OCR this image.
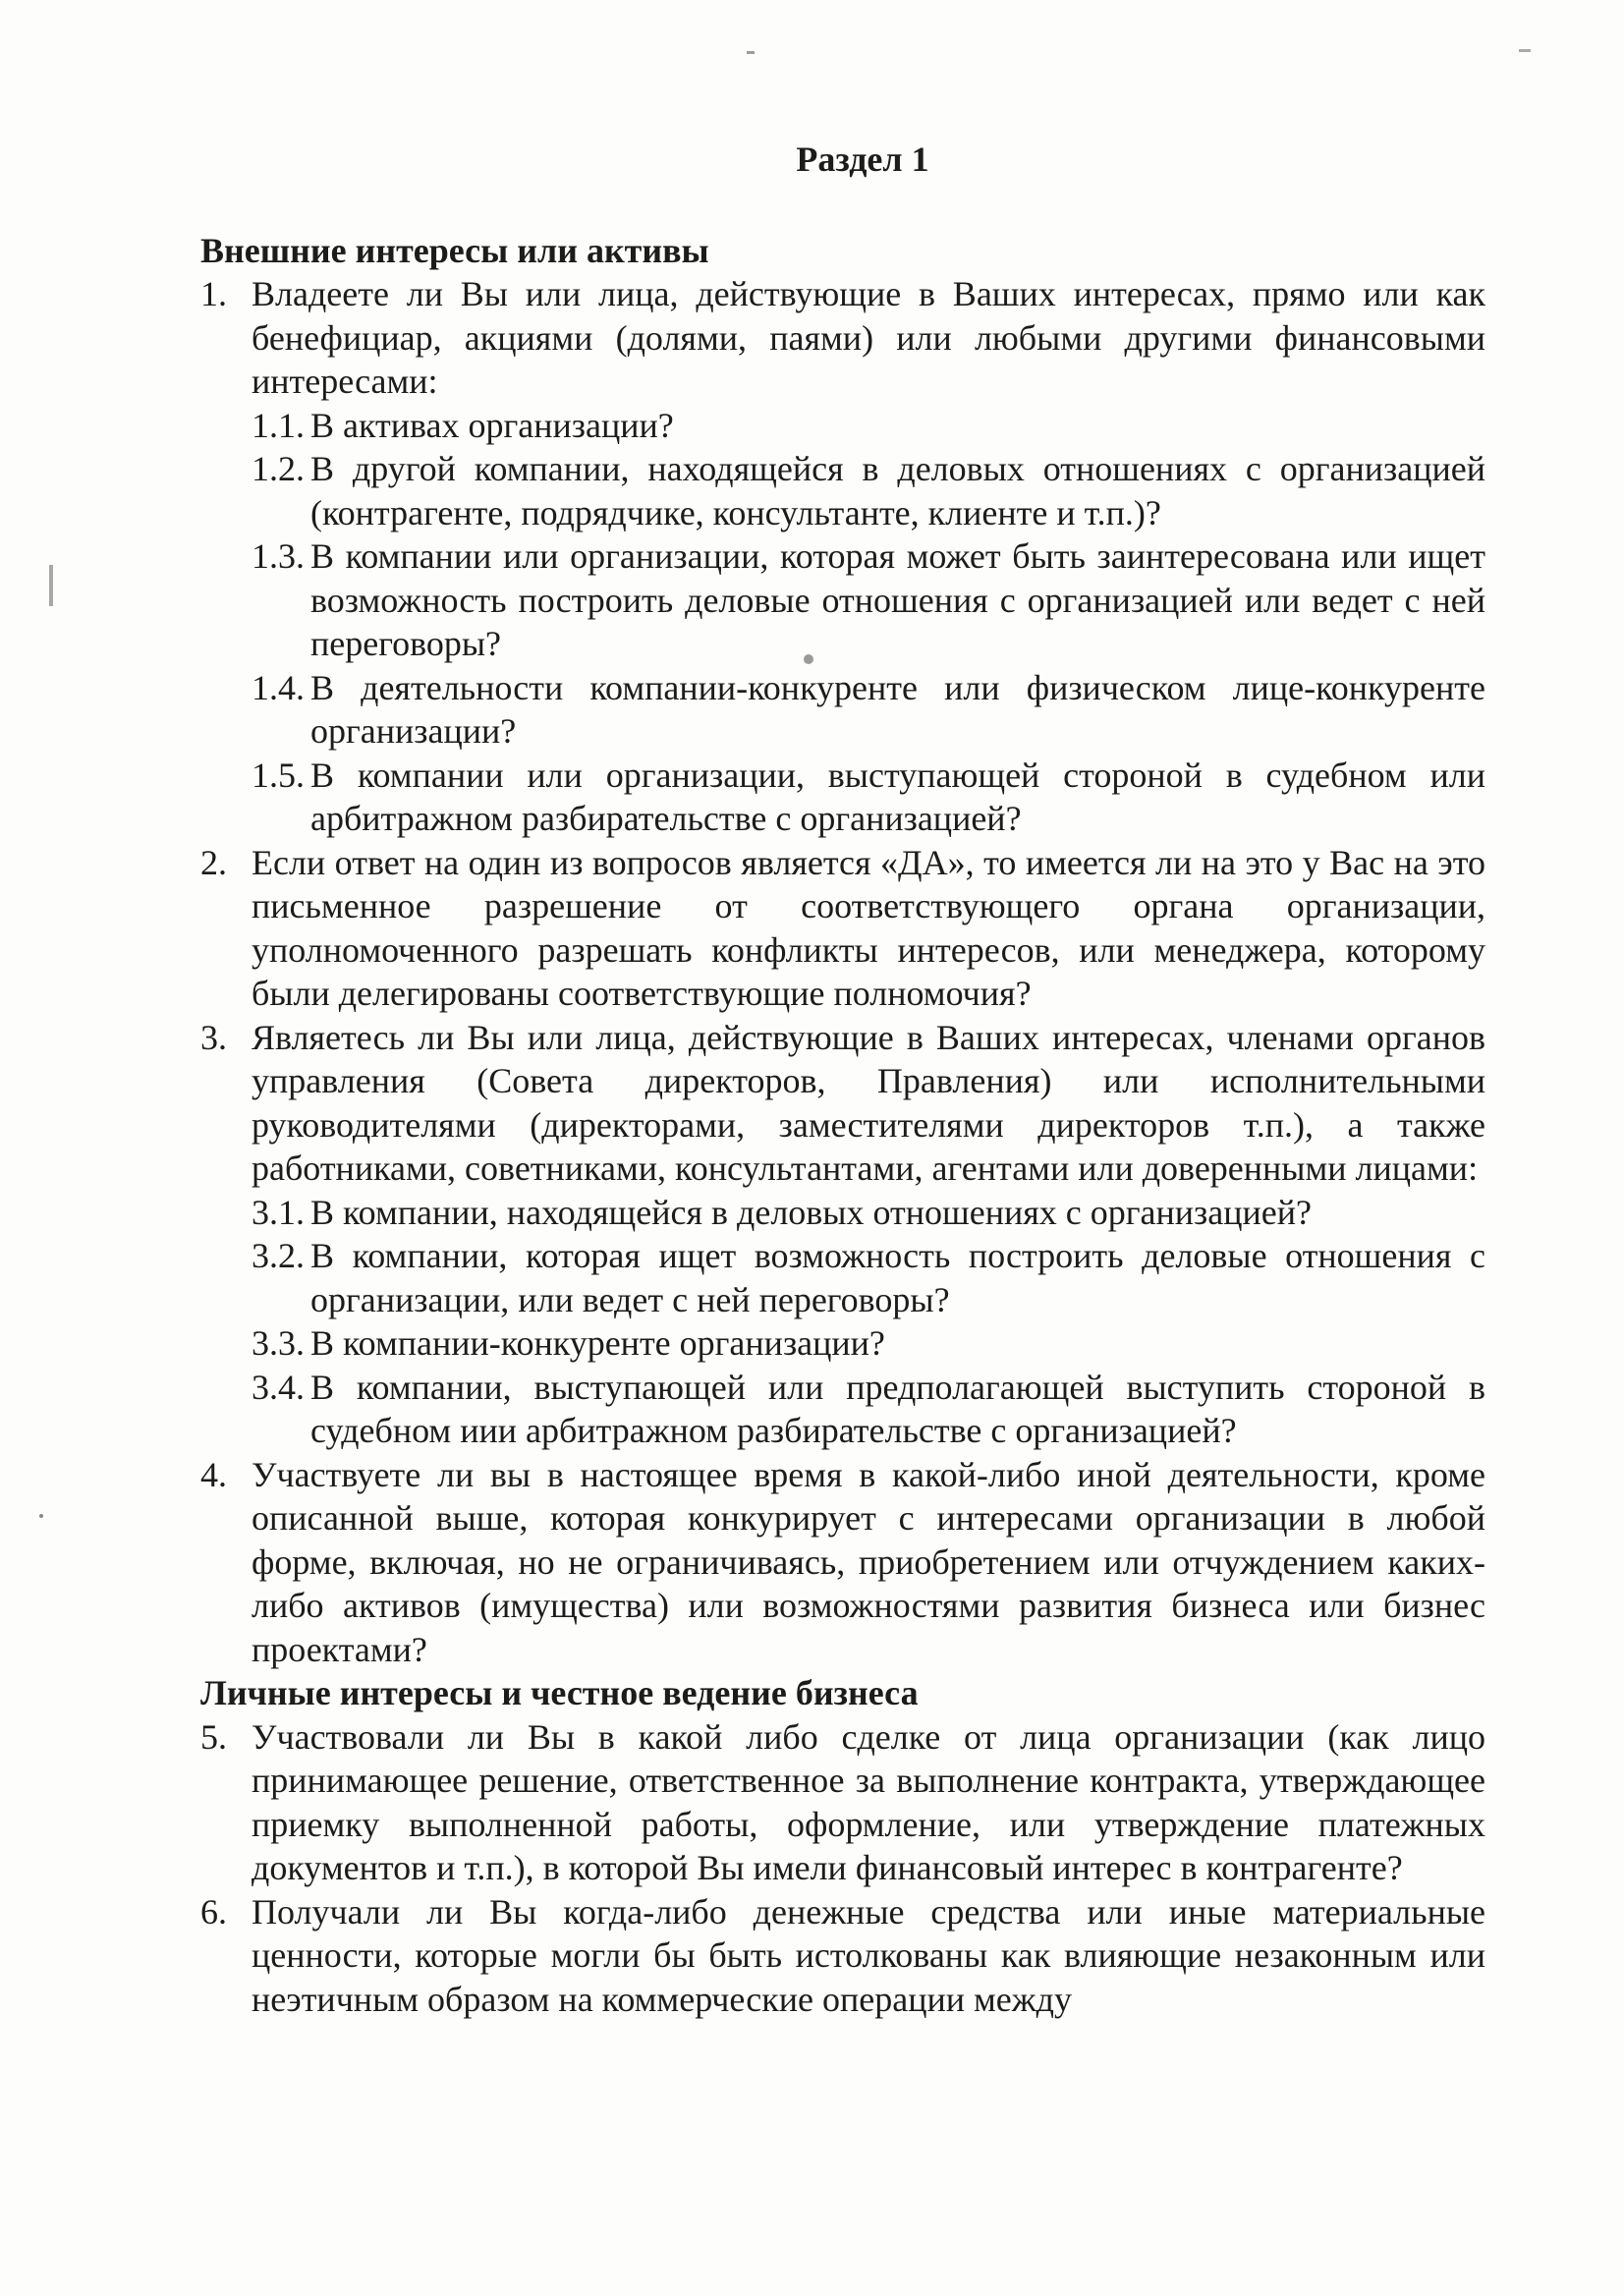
Раздел 1

Внешние интересы или активы

1. Владеете ли Вы или лица, действующие в Ваших интересах, прямо или как бенефициар, акциями (долями, паями) или любыми другими финансовыми интересами:

1.1. В активах организации?

1.2. В другой компании, находящейся в деловых отношениях с организацией (контрагенте, подрядчике, консультанте, клиенте и т.п.)?

1.3. В компании или организации, которая может быть заинтересована или ищет возможность построить деловые отношения с организацией или ведет с ней переговоры?

1.4. В деятельности компании-конкуренте или физическом лице-конкуренте организации?

1.5. В компании или организации, выступающей стороной в судебном или арбитражном разбирательстве с организацией?

2. Если ответ на один из вопросов является «ДА», то имеется ли на это у Вас на это письменное разрешение от соответствующего органа организации, уполномоченного разрешать конфликты интересов, или менеджера, которому были делегированы соответствующие полномочия?

3. Являетесь ли Вы или лица, действующие в Ваших интересах, членами органов управления (Совета директоров, Правления) или исполнительными руководителями (директорами, заместителями директоров т.п.), а также работниками, советниками, консультантами, агентами или доверенными лицами:

3.1. В компании, находящейся в деловых отношениях с организацией?

3.2. В компании, которая ищет возможность построить деловые отношения с организации, или ведет с ней переговоры?

3.3. В компании-конкуренте организации?

3.4. В компании, выступающей или предполагающей выступить стороной в судебном иии арбитражном разбирательстве с организацией?

4. Участвуете ли вы в настоящее время в какой-либо иной деятельности, кроме описанной выше, которая конкурирует с интересами организации в любой форме, включая, но не ограничиваясь, приобретением или отчуждением каких-либо активов (имущества) или возможностями развития бизнеса или бизнес проектами?

Личные интересы и честное ведение бизнеса

5. Участвовали ли Вы в какой либо сделке от лица организации (как лицо принимающее решение, ответственное за выполнение контракта, утверждающее приемку выполненной работы, оформление, или утверждение платежных документов и т.п.), в которой Вы имели финансовый интерес в контрагенте?

6. Получали ли Вы когда-либо денежные средства или иные материальные ценности, которые могли бы быть истолкованы как влияющие незаконным или неэтичным образом на коммерческие операции между
